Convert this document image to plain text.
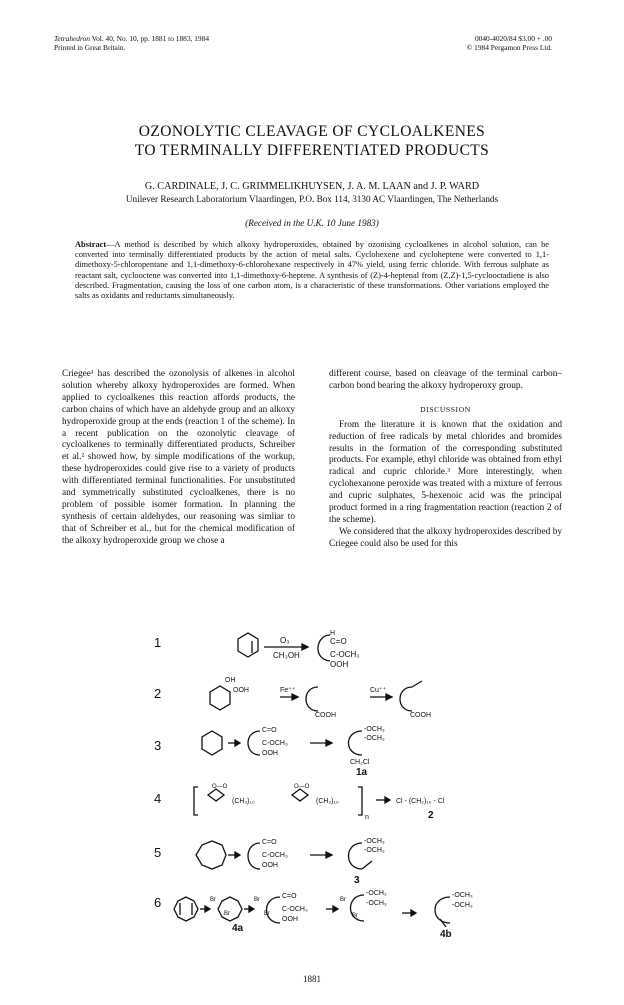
Tetrahedron Vol. 40, No. 10, pp. 1881 to 1883, 1984
Printed in Great Britain.
0040-4020/84 $3.00 + .00
© 1984 Pergamon Press Ltd.
OZONOLYTIC CLEAVAGE OF CYCLOALKENES
TO TERMINALLY DIFFERENTIATED PRODUCTS
G. CARDINALE, J. C. GRIMMELIKHUYSEN, J. A. M. LAAN and J. P. WARD
Unilever Research Laboratorium Vlaardingen, P.O. Box 114, 3130 AC Vlaardingen, The Netherlands
(Received in the U.K. 10 June 1983)
Abstract—A method is described by which alkoxy hydroperoxides, obtained by ozonising cycloalkenes in alcohol solution, can be converted into terminally differentiated products by the action of metal salts. Cyclohexene and cycloheptene were converted to 1,1-dimethoxy-5-chloropentane and 1,1-dimethoxy-6-chlorohexane respectively in 47% yield, using ferric chloride. With ferrous sulphate as reactant salt, cyclooctene was converted into 1,1-dimethoxy-6-heptene. A synthesis of (Z)-4-heptenal from (Z,Z)-1,5-cyclooctadiene is also described. Fragmentation, causing the loss of one carbon atom, is a characteristic of these transformations. Other variations employed the salts as oxidants and reductants simultaneously.

Criegee¹ has described the ozonolysis of alkenes in alcohol solution whereby alkoxy hydroperoxides are formed. When applied to cycloalkenes this reaction affords products, the carbon chains of which have an aldehyde group and an alkoxy hydroperoxide group at the ends (reaction 1 of the scheme). In a recent publication on the ozonolytic cleavage of cycloalkenes to terminally differentiated products, Schreiber et al.² showed how, by simple modifications of the workup, these hydroperoxides could give rise to a variety of products with differentiated terminal functionalities. For unsubstituted and symmetrically substituted cycloalkenes, there is no problem of possible isomer formation. In planning the synthesis of certain aldehydes, our reasoning was simliar to that of Schreiber et al., but for the chemical modification of the alkoxy hydroperoxide group we chose a

different course, based on cleavage of the terminal carbon–carbon bond bearing the alkoxy hydroperoxy group.

DISCUSSION

From the literature it is known that the oxidation and reduction of free radicals by metal chlorides and bromides results in the formation of the corresponding substituted products. For example, ethyl chloride was obtained from ethyl radical and cupric chloride.³ More interestingly, when cyclohexanone peroxide was treated with a mixture of ferrous and cupric sulphates, 5-hexenoic acid was the principal product formed in a ring fragmentation reaction (reaction 2 of the scheme).

We considered that the alkoxy hydroperoxides described by Criegee could also be used for this

1
2
3
4
5
6
O₃
CH₃OH
H
C=O
C-OCH₃
OOH
OH
OOH	Fe⁺⁺
COOH
Cu⁺⁺
COOH
C=O
C-OCH₃
OOH
-OCH₃
-OCH₃
CH₂Cl
1a
O—O
(CH₂)₁₀
O—O
(CH₂)₁₀
n
Cl - (CH₂)₁₀ - Cl
2
C=O
C-OCH₃
OOH
-OCH₃
-OCH₃
3
Br
Br
4a
Br
Br
C=O
C-OCH₃
OOH
Br
Br
-OCH₃
-OCH₃
-OCH₃
-OCH₃
4b
1881
